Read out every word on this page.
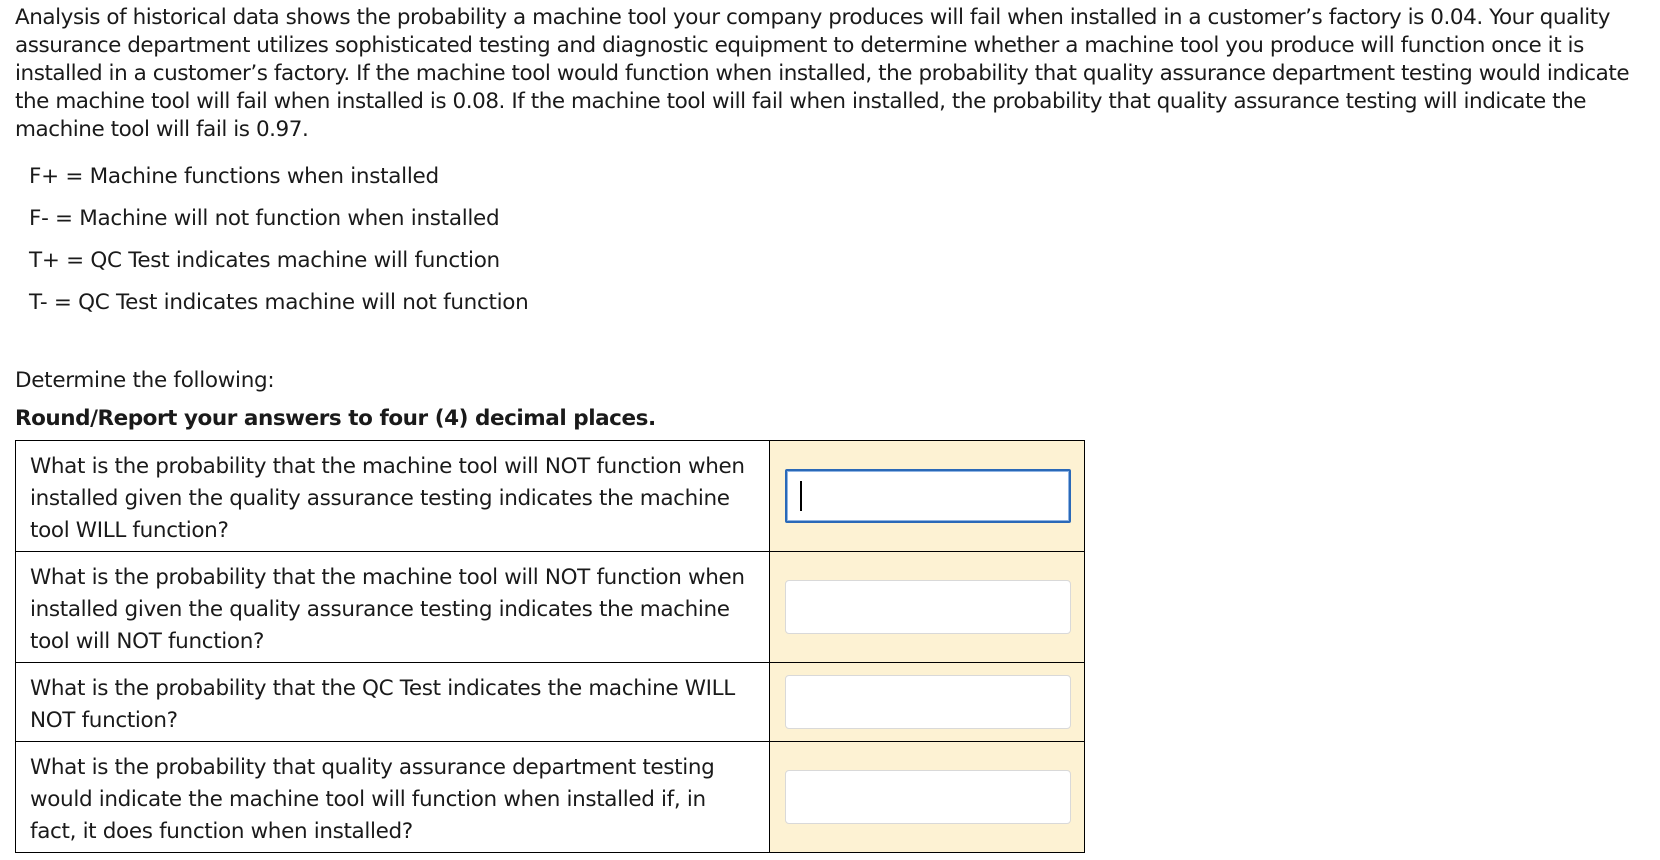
Analysis of historical data shows the probability a machine tool your company produces will fail when installed in a customer’s factory is 0.04. Your quality assurance department utilizes sophisticated testing and diagnostic equipment to determine whether a machine tool you produce will function once it is installed in a customer’s factory. If the machine tool would function when installed, the probability that quality assurance department testing would indicate the machine tool will fail when installed is 0.08. If the machine tool will fail when installed, the probability that quality assurance testing will indicate the machine tool will fail is 0.97.

F+ = Machine functions when installed
F- = Machine will not function when installed
T+ = QC Test indicates machine will function
T- = QC Test indicates machine will not function

Determine the following:

Round/Report your answers to four (4) decimal places.

What is the probability that the machine tool will NOT function when installed given the quality assurance testing indicates the machine tool WILL function?	

What is the probability that the machine tool will NOT function when installed given the quality assurance testing indicates the machine tool will NOT function?	

What is the probability that the QC Test indicates the machine WILL NOT function?	

What is the probability that quality assurance department testing would indicate the machine tool will function when installed if, in fact, it does function when installed?	
